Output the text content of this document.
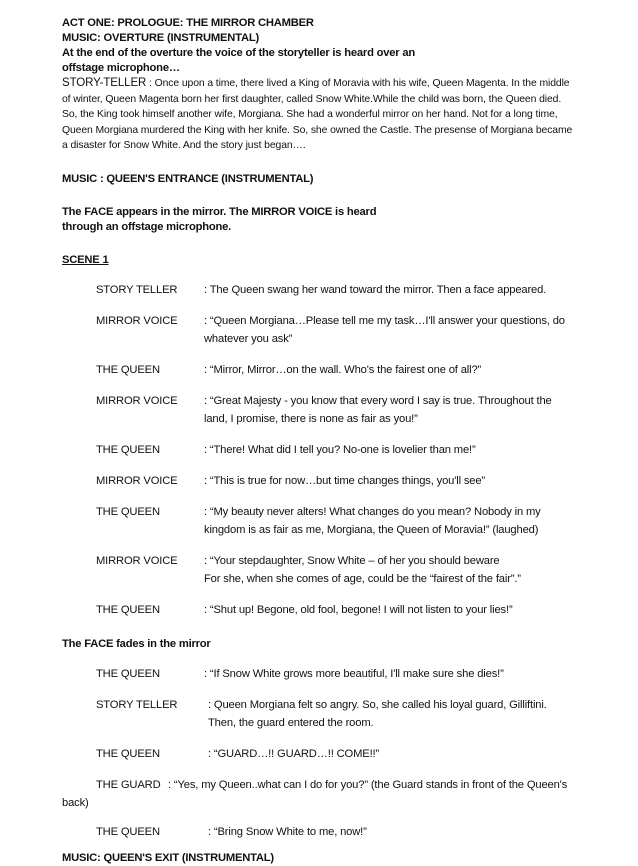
ACT ONE: PROLOGUE: THE MIRROR CHAMBER

MUSIC: OVERTURE (INSTRUMENTAL)

At the end of the overture the voice of the storyteller is heard over an

offstage microphone…

STORY-TELLER : Once upon a time, there lived a King of Moravia with his wife, Queen Magenta. In the middle of winter, Queen Magenta born her first daughter, called Snow White.While the child was born, the Queen died. So, the King took himself another wife, Morgiana. She had a wonderful mirror on her hand. Not for a long time, Queen Morgiana murdered the King with her knife. So, she owned the Castle. The presense of Morgiana became a disaster for Snow White. And the story just began….

MUSIC : QUEEN'S ENTRANCE (INSTRUMENTAL)

The FACE appears in the mirror. The MIRROR VOICE is heard

through an offstage microphone.

SCENE 1

STORY TELLER	: The Queen swang her wand toward the mirror. Then a face appeared.
MIRROR VOICE	: “Queen Morgiana…Please tell me my task…I'll answer your questions, do whatever you ask”
THE QUEEN	: “Mirror, Mirror…on the wall. Who's the fairest one of all?”
MIRROR VOICE	: “Great Majesty - you know that every word I say is true. Throughout the land, I promise, there is none as fair as you!”
THE QUEEN	: “There! What did I tell you? No-one is lovelier than me!”
MIRROR VOICE	: “This is true for now…but time changes things, you'll see”
THE QUEEN	: “My beauty never alters! What changes do you mean? Nobody in my kingdom is as fair as me, Morgiana, the Queen of Moravia!” (laughed)
MIRROR VOICE	: “Your stepdaughter, Snow White – of her you should beware
For she, when she comes of age, could be the “fairest of the fair”.”
THE QUEEN	: “Shut up! Begone, old fool, begone! I will not listen to your lies!”

The FACE fades in the mirror

THE QUEEN	: “If Snow White grows more beautiful, I'll make sure she dies!”
STORY TELLER	: Queen Morgiana felt so angry. So, she called his loyal guard, Gilliftini. Then, the guard entered the room.
THE QUEEN	: “GUARD…!! GUARD…!! COME!!”

THE GUARD : “Yes, my Queen..what can I do for you?” (the Guard stands in front of the Queen's back)

THE QUEEN	: “Bring Snow White to me, now!”

MUSIC: QUEEN'S EXIT (INSTRUMENTAL)
